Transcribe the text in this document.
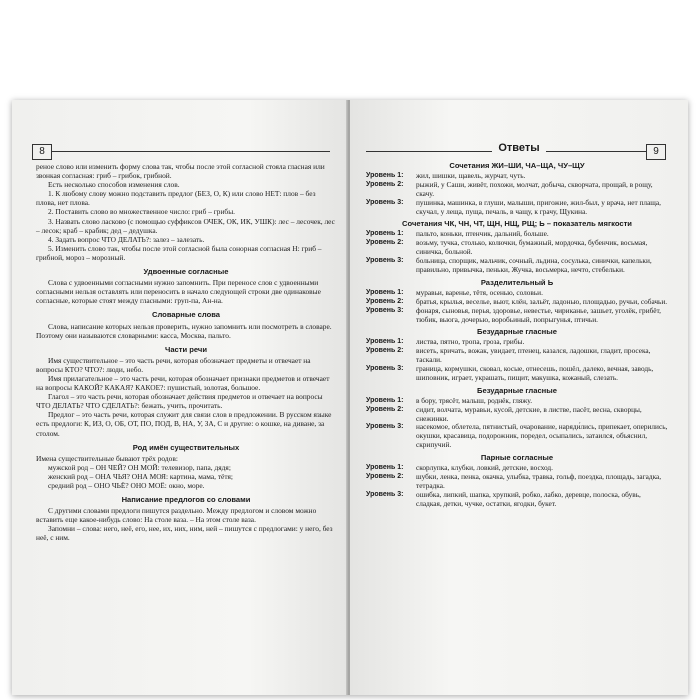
8

реное слово или изменить форму слова так, чтобы после этой согласной стояла гласная или звонкая согласная: гриб – грибок, грибной.

Есть несколько способов изменения слов.

1. К любому слову можно подставить предлог (БЕЗ, О, К) или слово НЕТ: плов – без плова, нет плова.

2. Поставить слово во множественное число: гриб – грибы.

3. Назвать слово ласково (с помощью суффиксов ОЧЕК, ОК, ИК, УШК): лес – лесочек, лес – лесок; краб – крабик; дед – дедушка.

4. Задать вопрос ЧТО ДЕЛАТЬ?: залез – залезать.

5. Изменить слово так, чтобы после этой согласной была сонорная согласная Н: гриб – грибной, мороз – морозный.

Удвоенные согласные

Слова с удвоенными согласными нужно запомнить. При переносе слов с удвоенными согласными нельзя оставлять или переносить в начало следующей строки две одинаковые согласные, которые стоят между гласными: груп-па, Ан-на.

Словарные слова

Слова, написание которых нельзя проверить, нужно запомнить или посмотреть в словаре. Поэтому они называются словарными: касса, Москва, пальто.

Части речи

Имя существительное – это часть речи, которая обозначает предметы и отвечает на вопросы КТО? ЧТО?: люди, небо.

Имя прилагательное – это часть речи, которая обозначает признаки предметов и отвечает на вопросы КАКОЙ? КАКАЯ? КАКОЕ?: пушистый, золотая, большое.

Глагол – это часть речи, которая обозначает действия предметов и отвечает на вопросы ЧТО ДЕЛАТЬ? ЧТО СДЕЛАТЬ?: бежать, учить, прочитать.

Предлог – это часть речи, которая служит для связи слов в предложении. В русском языке есть предлоги: К, ИЗ, О, ОБ, ОТ, ПО, ПОД, В, НА, У, ЗА, С и другие: о кошке, на диване, за столом.

Род имён существительных

Имена существительные бывают трёх родов:

мужской род – ОН ЧЕЙ? ОН МОЙ: телевизор, папа, дядя;

женский род – ОНА ЧЬЯ? ОНА МОЯ: картина, мама, тётя;

средний род – ОНО ЧЬЁ? ОНО МОЁ: окно, море.

Написание предлогов со словами

С другими словами предлоги пишутся раздельно. Между предлогом и словом можно вставить еще какое-нибудь слово: На столе ваза. – На этом столе ваза.

Запомни – слова: него, неё, его, нее, их, них, ним, ней – пишутся с предлогами: у него, без неё, с ним.

Ответы	9
Сочетания ЖИ–ШИ, ЧА–ЩА, ЧУ–ЩУ
Уровень 1:	жил, шишки, щавель, журчат, чуть.
Уровень 2:	рыжий, у Саши, живёт, похожи, молчат, добыча, скворчата, прощай, в рощу, скачу.
Уровень 3:	пушинка, машинка, в глуши, малыши, пригожие, жил-был, у врача, нет плаща, скучал, у леща, пуща, печаль, в чащу, к грачу, Щукина.
Сочетания ЧК, ЧН, ЧТ, ЩН, НЩ, РЩ; Ь – показатель мягкости
Уровень 1:	пальто, коньки, птенчик, дальний, больше.
Уровень 2:	возьму, тучка, столько, колючки, бумажный, мордочка, бубенчик, восьмая, синичка, больной.
Уровень 3:	больница, спорщик, мальчик, сочный, льдина, сосулька, синички, капельки, правильно, привычка, пеньки, Жучка, восьмерка, нечто, стебельки.
Разделительный Ь
Уровень 1:	муравьи, варенье, тётя, осенью, соловьи.
Уровень 2:	братья, крылья, веселье, вьют, клён, зальёт, ладонью, площадью, ручьи, собачьи.
Уровень 3:	фонаря, сыновья, перья, здоровье, невестье, чириканье, зашьет, уголёк, грибёт, тюбик, вьюга, дочерью, воробьиный, попрыгунья, птичьи.
Безударные гласные
Уровень 1:	листва, пятно, тропа, гроза, грибы.
Уровень 2:	висеть, кричать, вожак, увидает, птенец, казался, ладошки, гладит, просека, таскали.
Уровень 3:	граница, кормушки, сковал, косые, отнесешь, пошёл, далеко, вечная, заводь, шиповник, играет, украшать, пищит, макушка, кожаный, слезать.
Безударные гласные
Уровень 1:	в бору, трясёт, малыш, роднёк, гляжу.
Уровень 2:	сидит, волчата, муравьи, кусой, детские, в листве, пасёт, весна, скворцы, снежинки.
Уровень 3:	насекомое, облетела, пятнистый, очарование, наряди́лись, припекает, оперились, окушки, красавица, подорожник, поредел, осыпались, затаился, объяснил, скрипучий.
Парные согласные
Уровень 1:	скорлупка, клубки, ловкий, детские, восход.
Уровень 2:	шубки, ленка, пенка, окачка, улыбка, травка, гольф, поездка, площадь, загадка, тетрадка.
Уровень 3:	ошибка, липкий, шапка, хрупкий, робко, лабко, деревце, полоска, обувь, сладкая, детки, чучке, остатки, ягодки, букет.
